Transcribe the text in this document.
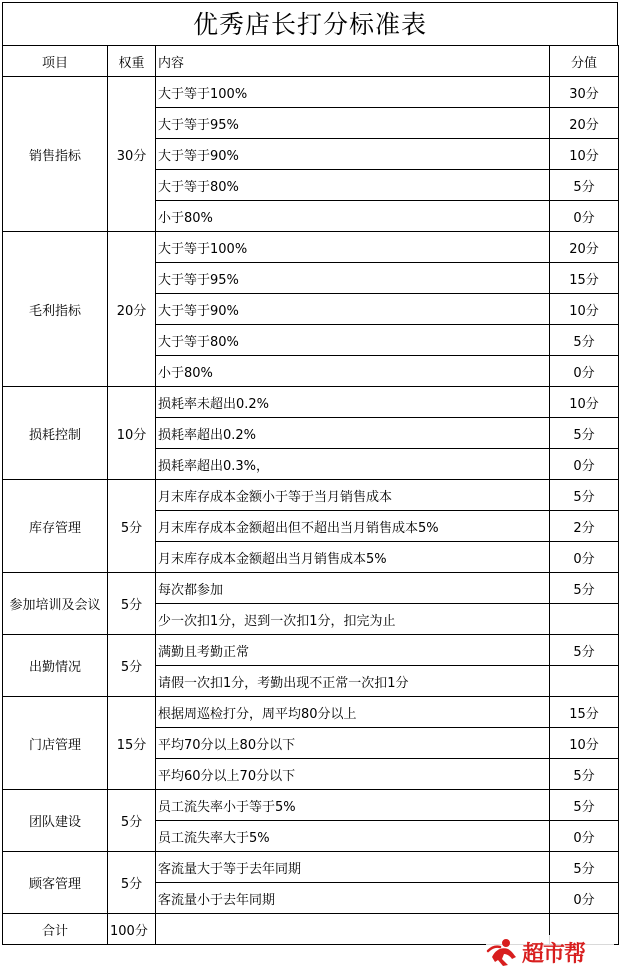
优秀店长打分标准表
项目	权重	内容	分值
销售指标	30分	大于等于100%	30分
		大于等于95%	20分
		大于等于90%	10分
		大于等于80%	5分
		小于80%	0分
毛利指标	20分	大于等于100%	20分
		大于等于95%	15分
		大于等于90%	10分
		大于等于80%	5分
		小于80%	0分
损耗控制	10分	损耗率未超出0.2%	10分
		损耗率超出0.2%	5分
		损耗率超出0.3%，	0分
库存管理	5分	月末库存成本金额小于等于当月销售成本	5分
		月末库存成本金额超出但不超出当月销售成本5%	2分
		月末库存成本金额超出当月销售成本5%	0分
参加培训及会议	5分	每次都参加	5分
		少一次扣1分，迟到一次扣1分，扣完为止	
出勤情况	5分	满勤且考勤正常	5分
		请假一次扣1分，考勤出现不正常一次扣1分	
门店管理	15分	根据周巡检打分，周平均80分以上	15分
		平均70分以上80分以下	10分
		平均60分以上70分以下	5分
团队建设	5分	员工流失率小于等于5%	5分
		员工流失率大于5%	0分
顾客管理	5分	客流量大于等于去年同期	5分
		客流量小于去年同期	0分
合计	100分		
超市帮
